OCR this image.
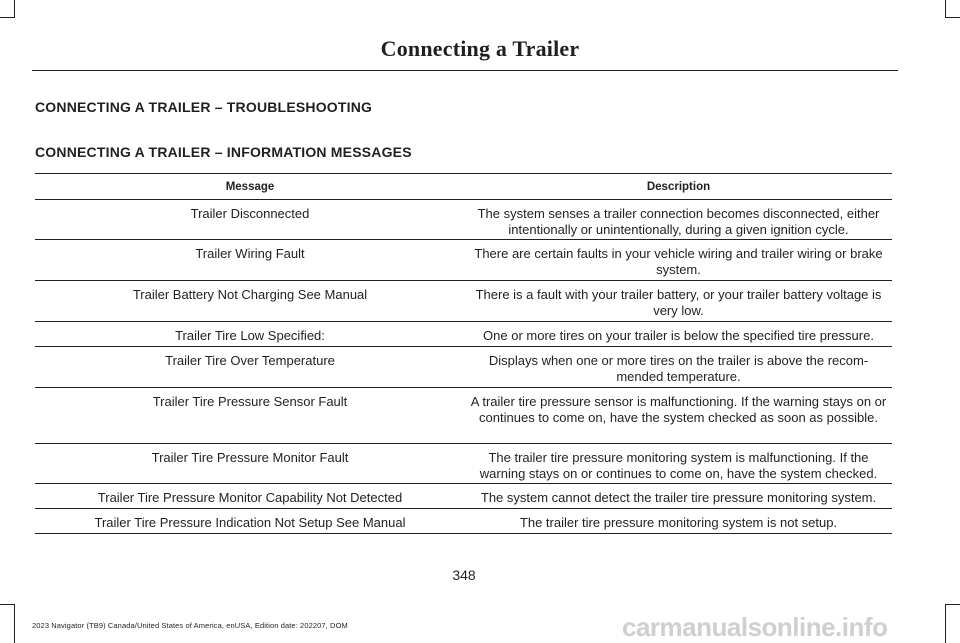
Connecting a Trailer
CONNECTING A TRAILER – TROUBLESHOOTING
CONNECTING A TRAILER – INFORMATION MESSAGES
Message	Description
Trailer Disconnected	The system senses a trailer connection becomes disconnected, either intentionally or unintentionally, during a given ignition cycle.
Trailer Wiring Fault	There are certain faults in your vehicle wiring and trailer wiring or brake system.
Trailer Battery Not Charging See Manual	There is a fault with your trailer battery, or your trailer battery voltage is very low.
Trailer Tire Low Specified:	One or more tires on your trailer is below the specified tire pressure.
Trailer Tire Over Temperature	Displays when one or more tires on the trailer is above the recom- mended temperature.
Trailer Tire Pressure Sensor Fault	A trailer tire pressure sensor is malfunctioning. If the warning stays on or continues to come on, have the system checked as soon as possible.
Trailer Tire Pressure Monitor Fault	The trailer tire pressure monitoring system is malfunctioning. If the warning stays on or continues to come on, have the system checked.
Trailer Tire Pressure Monitor Capability Not Detected	The system cannot detect the trailer tire pressure monitoring system.
Trailer Tire Pressure Indication Not Setup See Manual	The trailer tire pressure monitoring system is not setup.
348
2023 Navigator (TB9) Canada/United States of America, enUSA, Edition date: 202207, DOM	carmanualsonline.info
